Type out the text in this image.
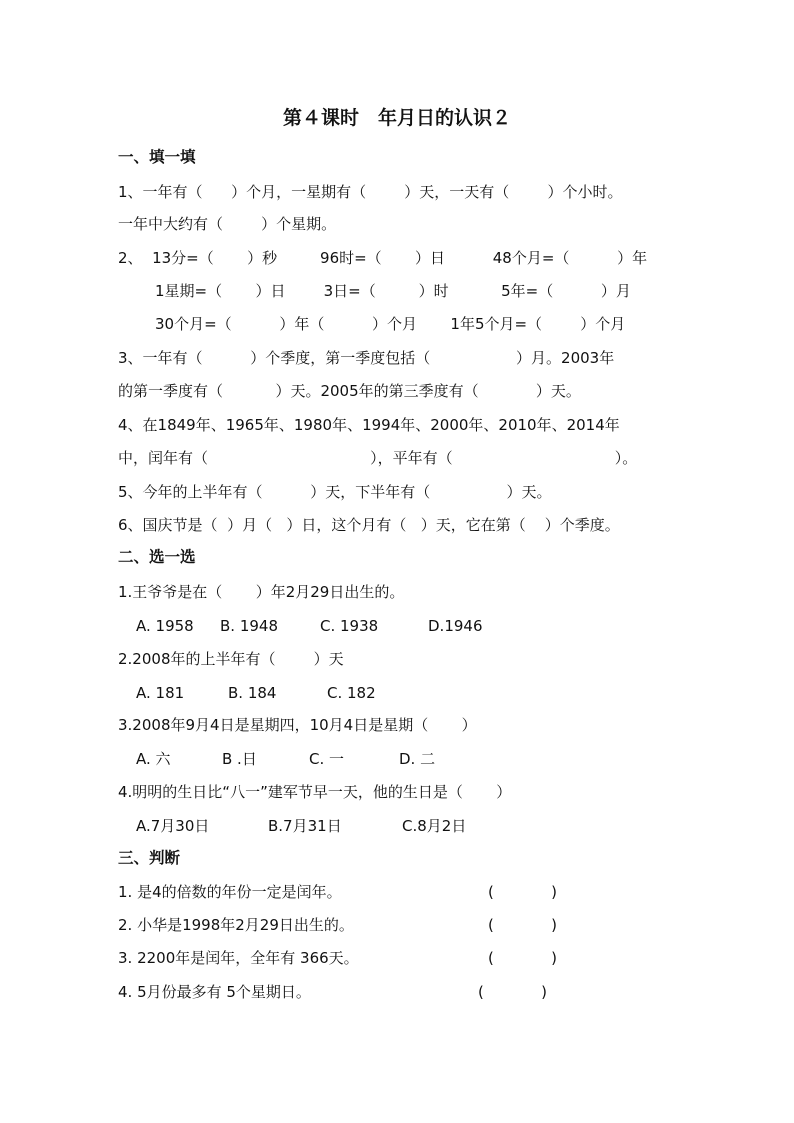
第４课时　年月日的认识２
一、填一填
1、一年有（      ）个月，一星期有（        ）天，一天有（        ）个小时。
一年中大约有（        ）个星期。
2、  13分=（       ）秒         96时=（       ）日          48个月=（          ）年
1星期=（       ）日        3日=（         ）时           5年=（          ）月
30个月=（          ）年（          ）个月       1年5个月=（        ）个月
3、一年有（          ）个季度，第一季度包括（                  ）月。2003年
的第一季度有（           ）天。2005年的第三季度有（            ）天。
4、在1849年、1965年、1980年、1994年、2000年、2010年、2014年
中，闰年有（                                  ），平年有（                                  ）。
5、今年的上半年有（          ）天，下半年有（                ）天。
6、国庆节是（  ）月（   ）日，这个月有（   ）天，它在第（    ）个季度。
二、选一选
1.王爷爷是在（       ）年2月29日出生的。
A. 1958 B. 1948	C. 1938	D.1946
2.2008年的上半年有（        ）天
A. 181	B. 184	C. 182
3.2008年9月4日是星期四，10月4日是星期（       ）
A. 六	B .日	C. 一	D. 二
4.明明的生日比“八一”建军节早一天，他的生日是（       ）
A.7月30日	B.7月31日	C.8月2日
三、判断
1. 是4的倍数的年份一定是闰年。	(            )
2. 小华是1998年2月29日出生的。	(            )
3. 2200年是闰年，全年有 366天。	(            )
4. 5月份最多有 5个星期日。	(            )
